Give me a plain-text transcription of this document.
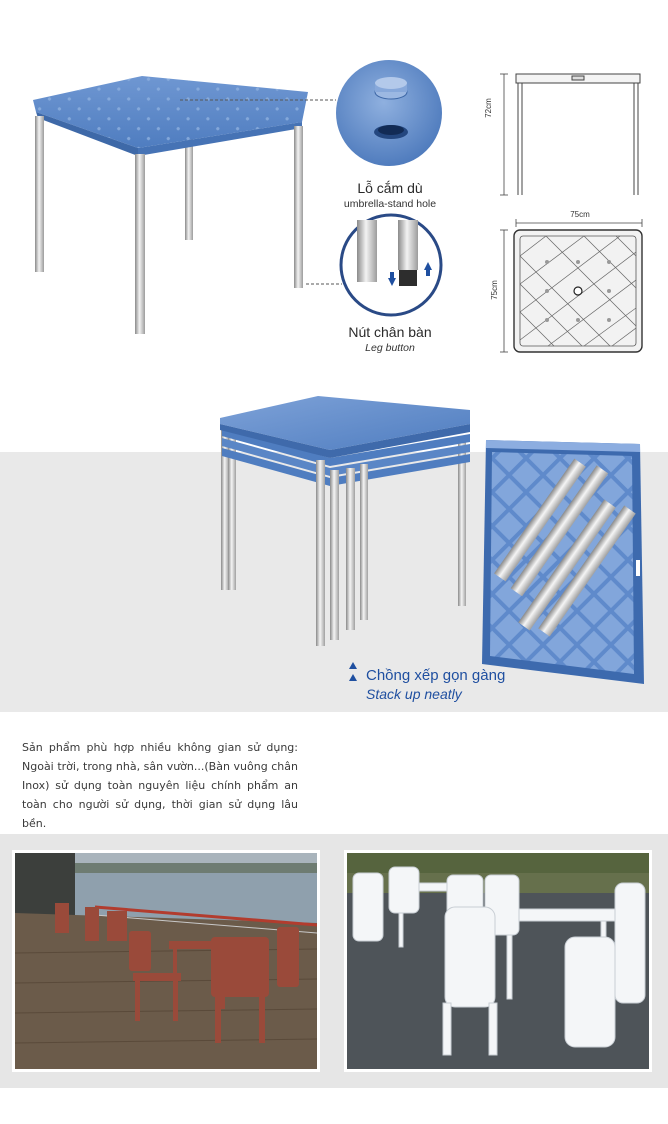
Lỗ cắm dù
umbrella-stand hole
Nút chân bàn
Leg button
72cm
75cm
75cm
Chồng xếp gọn gàng
Stack up neatly
Sản phẩm phù hợp nhiều không gian sử dụng: Ngoài trời, trong nhà, sân vườn...(Bàn vuông chân Inox) sử dụng toàn nguyên liệu chính phẩm an toàn cho người sử dụng, thời gian sử dụng lâu bền.
